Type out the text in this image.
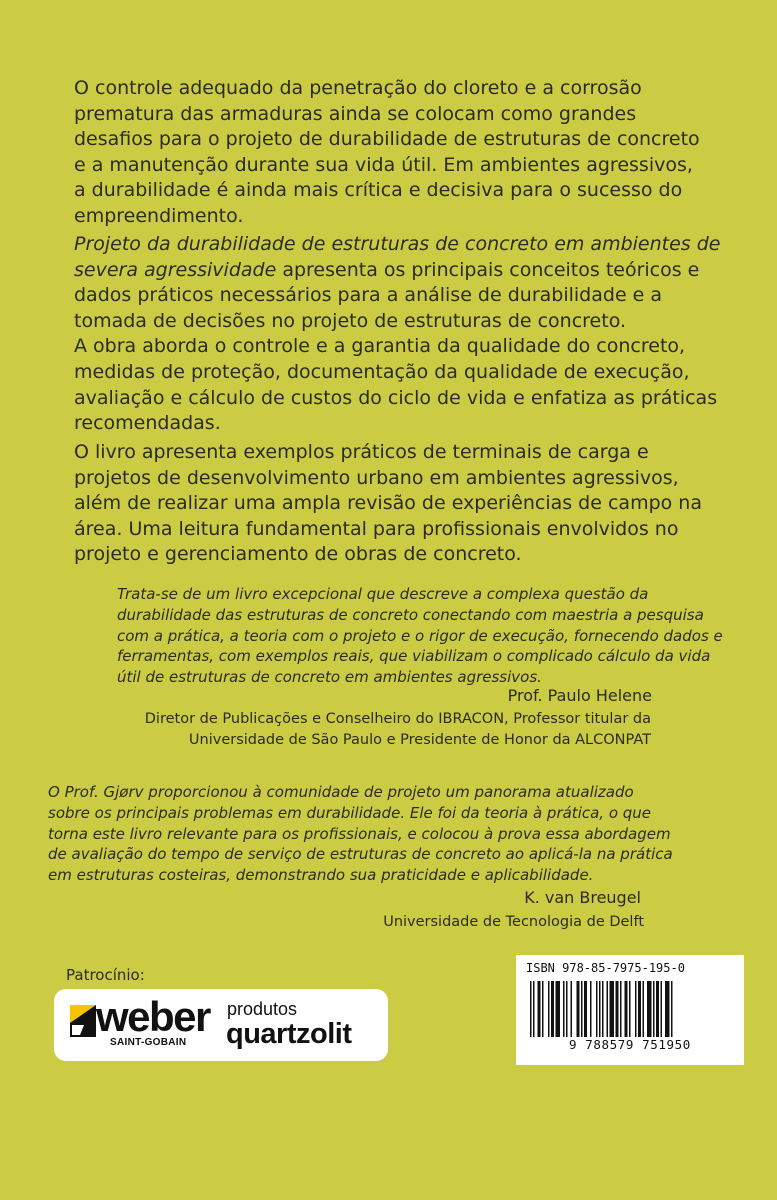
O controle adequado da penetração do cloreto e a corrosão
prematura das armaduras ainda se colocam como grandes
desafios para o projeto de durabilidade de estruturas de concreto
e a manutenção durante sua vida útil. Em ambientes agressivos,
a durabilidade é ainda mais crítica e decisiva para o sucesso do
empreendimento.

Projeto da durabilidade de estruturas de concreto em ambientes de
severa agressividade apresenta os principais conceitos teóricos e
dados práticos necessários para a análise de durabilidade e a
tomada de decisões no projeto de estruturas de concreto.
A obra aborda o controle e a garantia da qualidade do concreto,
medidas de proteção, documentação da qualidade de execução,
avaliação e cálculo de custos do ciclo de vida e enfatiza as práticas
recomendadas.

O livro apresenta exemplos práticos de terminais de carga e
projetos de desenvolvimento urbano em ambientes agressivos,
além de realizar uma ampla revisão de experiências de campo na
área. Uma leitura fundamental para profissionais envolvidos no
projeto e gerenciamento de obras de concreto.

Trata-se de um livro excepcional que descreve a complexa questão da
durabilidade das estruturas de concreto conectando com maestria a pesquisa
com a prática, a teoria com o projeto e o rigor de execução, fornecendo dados e
ferramentas, com exemplos reais, que viabilizam o complicado cálculo da vida
útil de estruturas de concreto em ambientes agressivos.

Prof. Paulo Helene
Diretor de Publicações e Conselheiro do IBRACON, Professor titular da
Universidade de São Paulo e Presidente de Honor da ALCONPAT

O Prof. Gjørv proporcionou à comunidade de projeto um panorama atualizado
sobre os principais problemas em durabilidade. Ele foi da teoria à prática, o que
torna este livro relevante para os profissionais, e colocou à prova essa abordagem
de avaliação do tempo de serviço de estruturas de concreto ao aplicá-la na prática
em estruturas costeiras, demonstrando sua praticidade e aplicabilidade.

K. van Breugel
Universidade de Tecnologia de Delft
Patrocínio:
weber
SAINT-GOBAIN
produtos
quartzolit
ISBN 978-85-7975-195-0
9 788579 751950
